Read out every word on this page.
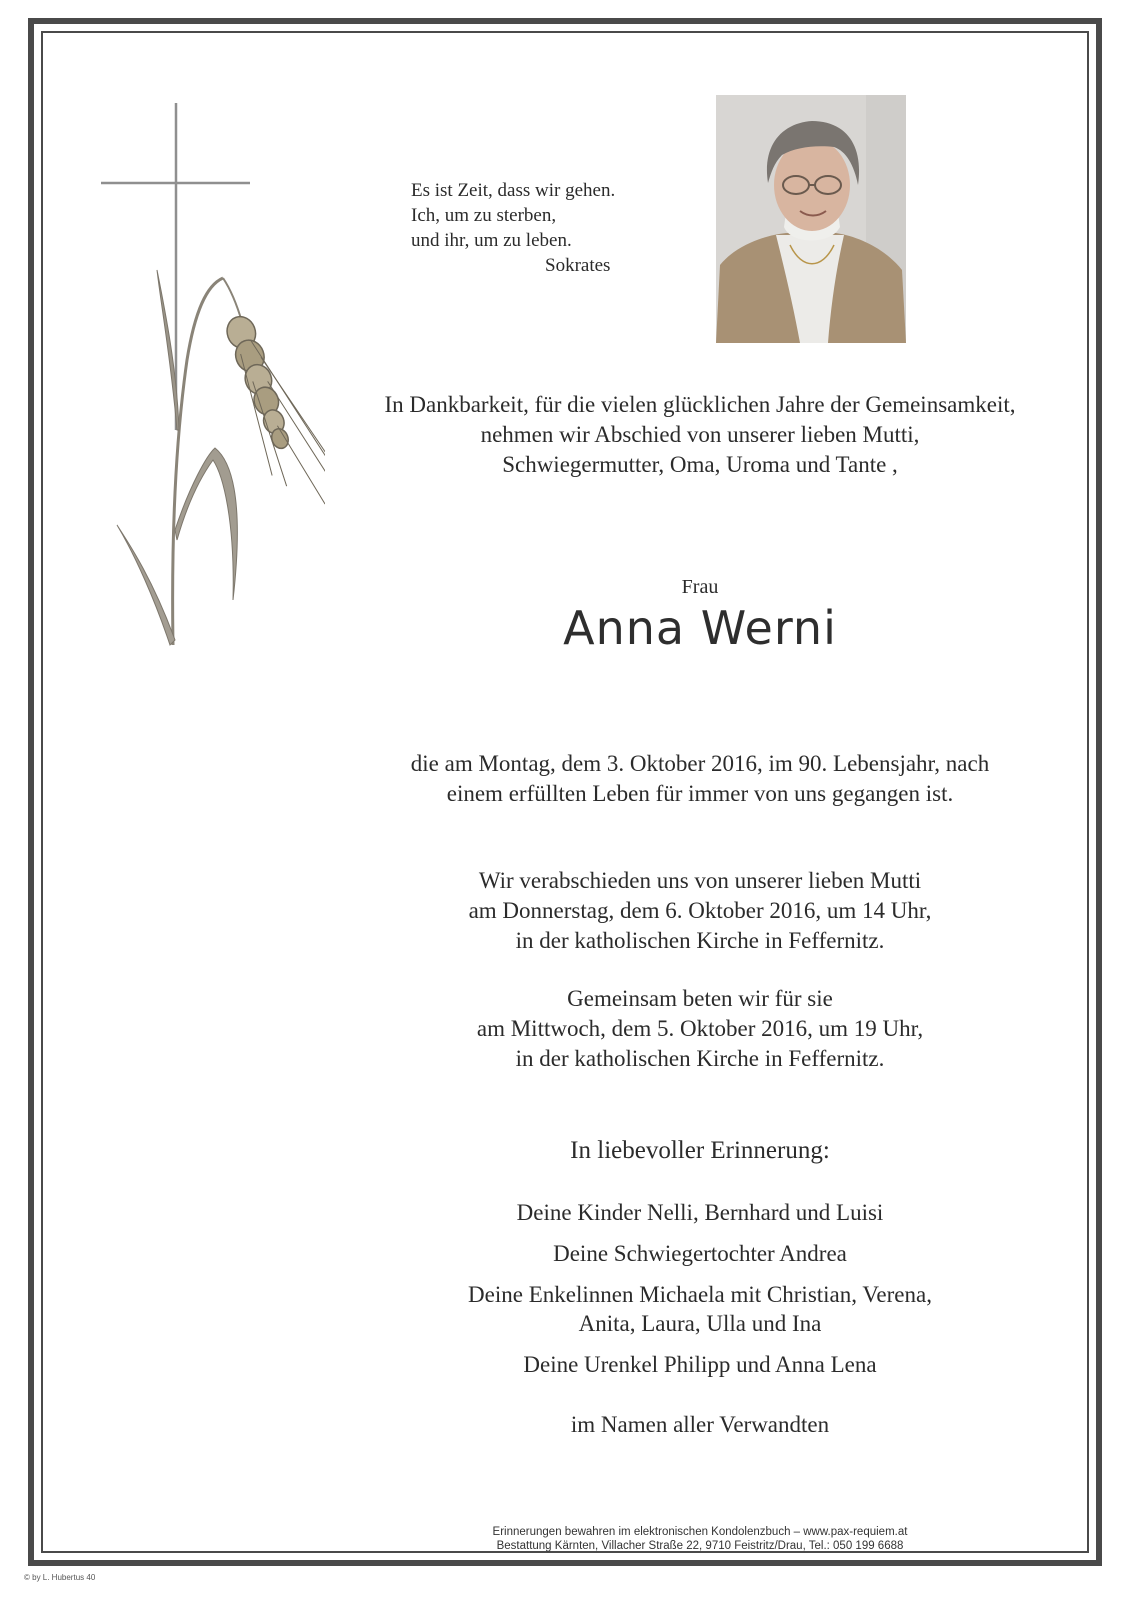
Es ist Zeit, dass wir gehen.
Ich, um zu sterben,
und ihr, um zu leben.
Sokrates
In Dankbarkeit, für die vielen glücklichen Jahre der Gemeinsamkeit,
nehmen wir Abschied von unserer lieben Mutti,
Schwiegermutter, Oma, Uroma und Tante ,
Frau
Anna Werni
die am Montag, dem 3. Oktober 2016, im 90. Lebensjahr, nach
einem erfüllten Leben für immer von uns gegangen ist.
Wir verabschieden uns von unserer lieben Mutti
am Donnerstag, dem 6. Oktober 2016, um 14 Uhr,
in der katholischen Kirche in Feffernitz.
Gemeinsam beten wir für sie
am Mittwoch, dem 5. Oktober 2016, um 19 Uhr,
in der katholischen Kirche in Feffernitz.
In liebevoller Erinnerung:
Deine Kinder Nelli, Bernhard und Luisi
Deine Schwiegertochter Andrea
Deine Enkelinnen Michaela mit Christian, Verena,
Anita, Laura, Ulla und Ina
Deine Urenkel Philipp und Anna Lena
im Namen aller Verwandten
Erinnerungen bewahren im elektronischen Kondolenzbuch – www.pax-requiem.at
Bestattung Kärnten, Villacher Straße 22, 9710 Feistritz/Drau, Tel.: 050 199 6688
© by L. Hubertus 40
